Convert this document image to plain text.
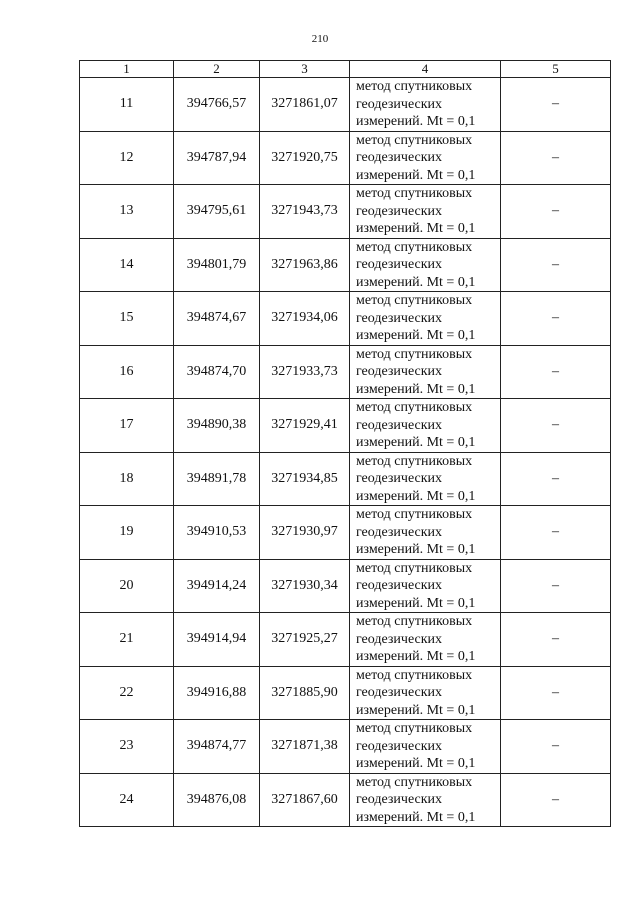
210
1	2	3	4	5
11	394766,57	3271861,07	метод спутниковых
геодезических
измерений. Mt = 0,1	–
12	394787,94	3271920,75	метод спутниковых
геодезических
измерений. Mt = 0,1	–
13	394795,61	3271943,73	метод спутниковых
геодезических
измерений. Mt = 0,1	–
14	394801,79	3271963,86	метод спутниковых
геодезических
измерений. Mt = 0,1	–
15	394874,67	3271934,06	метод спутниковых
геодезических
измерений. Mt = 0,1	–
16	394874,70	3271933,73	метод спутниковых
геодезических
измерений. Mt = 0,1	–
17	394890,38	3271929,41	метод спутниковых
геодезических
измерений. Mt = 0,1	–
18	394891,78	3271934,85	метод спутниковых
геодезических
измерений. Mt = 0,1	–
19	394910,53	3271930,97	метод спутниковых
геодезических
измерений. Mt = 0,1	–
20	394914,24	3271930,34	метод спутниковых
геодезических
измерений. Mt = 0,1	–
21	394914,94	3271925,27	метод спутниковых
геодезических
измерений. Mt = 0,1	–
22	394916,88	3271885,90	метод спутниковых
геодезических
измерений. Mt = 0,1	–
23	394874,77	3271871,38	метод спутниковых
геодезических
измерений. Mt = 0,1	–
24	394876,08	3271867,60	метод спутниковых
геодезических
измерений. Mt = 0,1	–
